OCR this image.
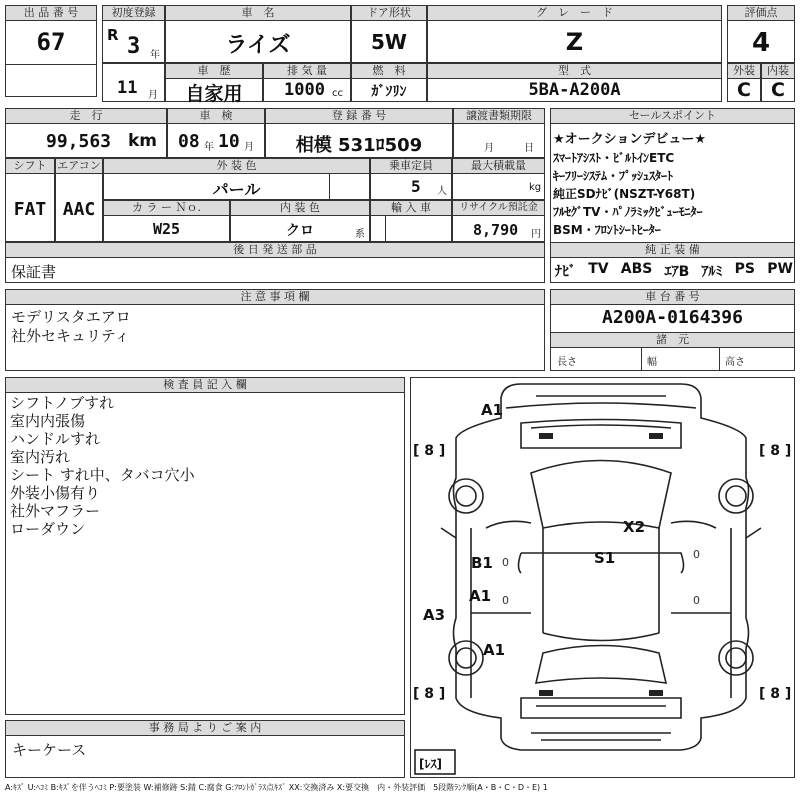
出 品 番 号
67
初度登録
R 3 年
車　名
ライズ
ドア形状
5W
グ　レ　ー　ド
Z
評価点
4
11 月
車　歴
自家用
排 気 量
1000 cc
燃　料
ｶﾞｿﾘﾝ
型　式
5BA-A200A
外装
C
内装
C
走　行
99,563 km
車　検
08 年 10 月
登 録 番 号
相模 531ﾛ509
譲渡書類期限
月	日
セールスポイント
★オークションデビュー★
ｽﾏｰﾄｱｼｽﾄ・ﾋﾞﾙﾄｲﾝETC
ｷｰﾌﾘｰｼｽﾃﾑ・ﾌﾟｯｼｭｽﾀｰﾄ
純正SDﾅﾋﾞ(NSZT-Y68T)
ﾌﾙｾｸﾞTV・ﾊﾟﾉﾗﾐｯｸﾋﾞｭｰﾓﾆﾀｰ
BSM・ﾌﾛﾝﾄｼｰﾄﾋｰﾀｰ
純 正 装 備
ﾅﾋﾞ TV ABS ｴｱB ｱﾙﾐ PS PW
シフト
FAT
エアコン
AAC
外 装 色
パール
乗車定員
5 人
最大積載量
kg
カ ラ ー Ｎｏ.
W25
内 装 色
クロ	系
輸 入 車	リサイクル預託金
8,790 円
後 日 発 送 部 品
保証書
注 意 事 項 欄
モデリスタエアロ
社外セキュリティ
車 台 番 号
A200A-0164396
諸　元
長さ	幅	高さ
検 査 員 記 入 欄
シフトノブすれ
室内内張傷
ハンドルすれ
室内汚れ
シート すれ中、タバコ穴小
外装小傷有り
社外マフラー
ローダウン
事 務 局 よ り ご 案 内
キーケース
A1
X2
B1	S1
A1
A3
A1
0
0
0	0
[ 8 ]	[ 8 ]
[ 8 ]	[ 8 ]
[ﾚｽ]
A:ｷｽﾞ U:ﾍｺﾐ B:ｷｽﾞを伴うﾍｺﾐ P:要塗装 W:補修跡 S:錆 C:腐食 G:ﾌﾛﾝﾄｶﾞﾗｽ点ｷｽﾞ XX:交換済み X:要交換　内・外装評価　5段階ﾗﾝｸ順(A・B・C・D・E) 1
